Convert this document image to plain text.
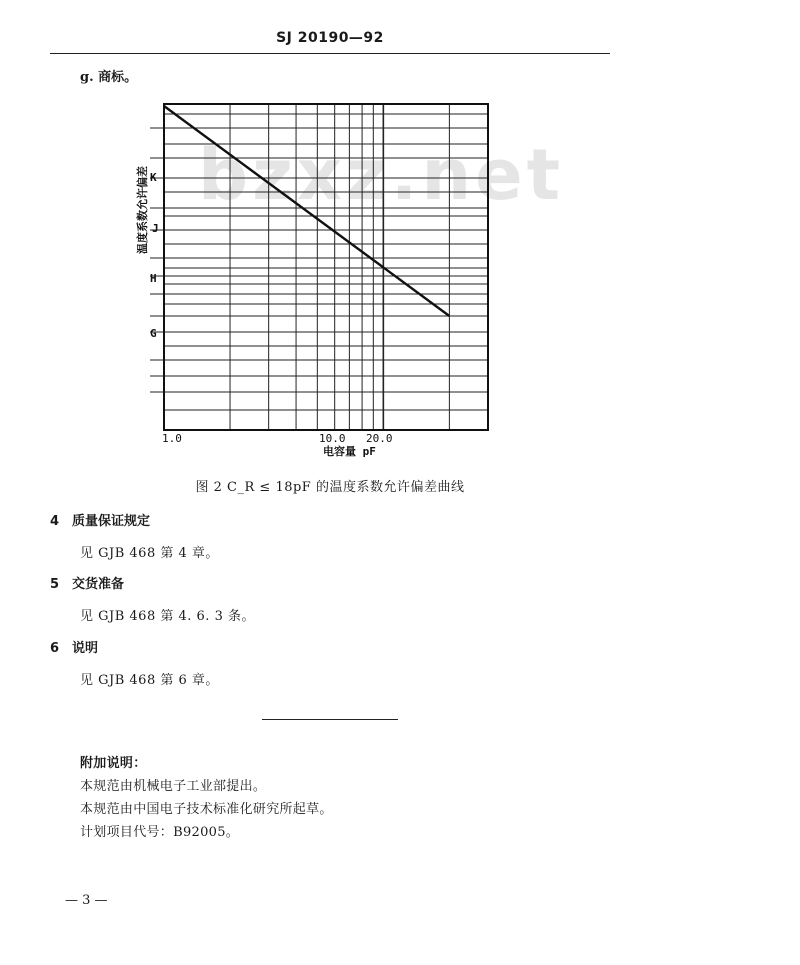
SJ 20190—92
g. 商标。
bzxz.net
K
J
H
G
温度系数允许偏差
1.0	10.0 20.0
电容量 pF
图 2 C_R ≤ 18pF 的温度系数允许偏差曲线
4 质量保证规定
见 GJB 468 第 4 章。
5 交货准备
见 GJB 468 第 4. 6. 3 条。
6 说明
见 GJB 468 第 6 章。
附加说明：
本规范由机械电子工业部提出。
本规范由中国电子技术标准化研究所起草。
计划项目代号：B92005。
— 3 —
